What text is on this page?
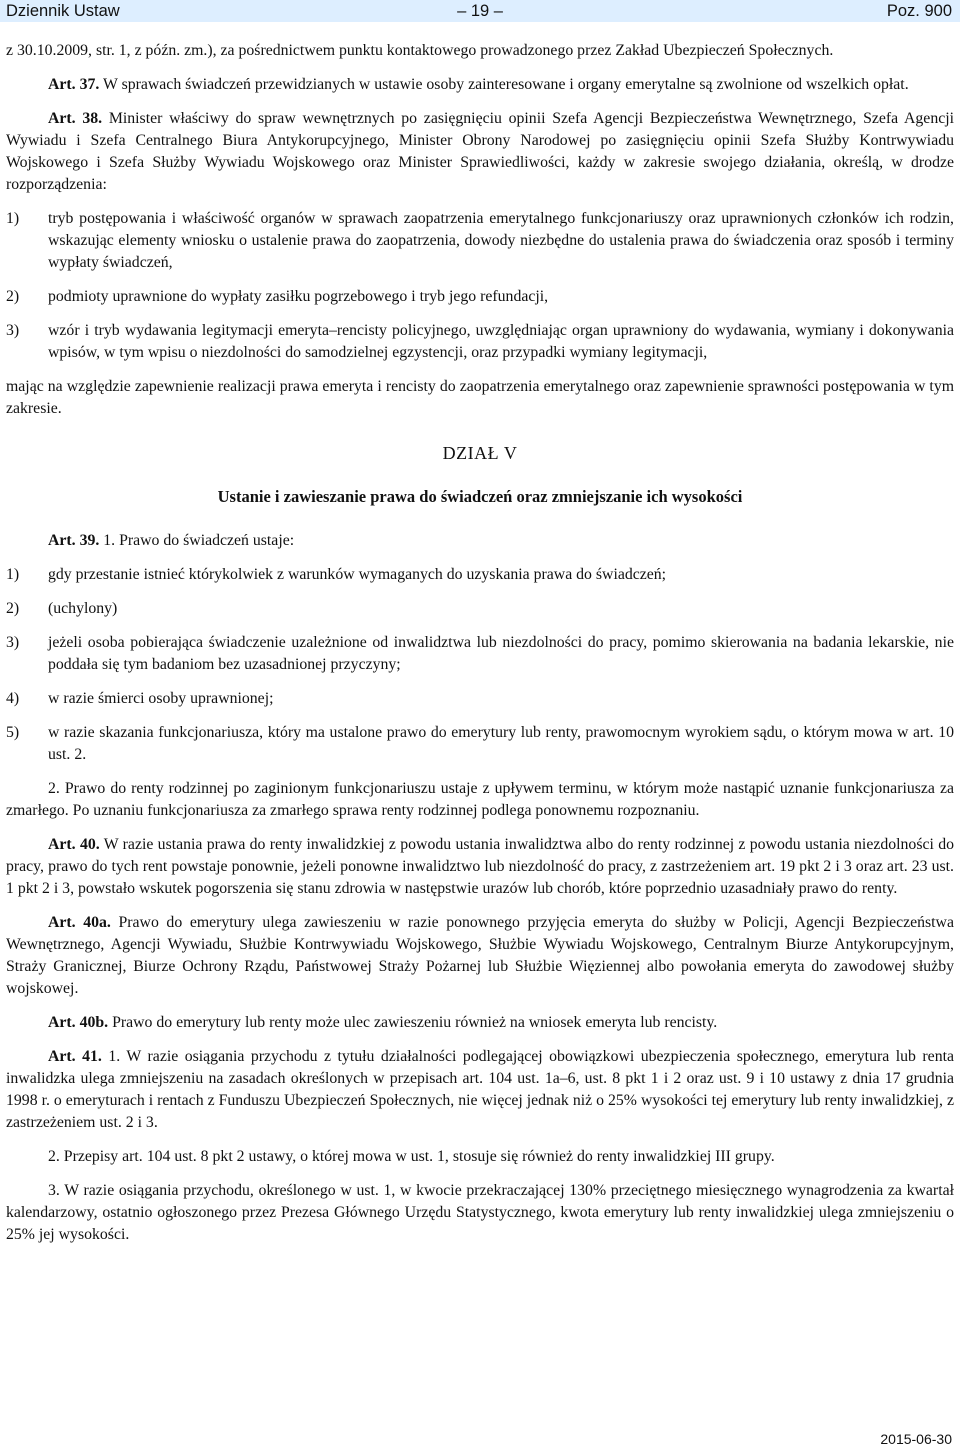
Dziennik Ustaw	– 19 –	Poz. 900

z 30.10.2009, str. 1, z późn. zm.), za pośrednictwem punktu kontaktowego prowadzonego przez Zakład Ubezpieczeń Społecznych.

Art. 37. W sprawach świadczeń przewidzianych w ustawie osoby zainteresowane i organy emerytalne są zwolnione od wszelkich opłat.

Art. 38. Minister właściwy do spraw wewnętrznych po zasięgnięciu opinii Szefa Agencji Bezpieczeństwa Wewnętrznego, Szefa Agencji Wywiadu i Szefa Centralnego Biura Antykorupcyjnego, Minister Obrony Narodowej po zasięgnięciu opinii Szefa Służby Kontrwywiadu Wojskowego i Szefa Służby Wywiadu Wojskowego oraz Minister Sprawiedliwości, każdy w zakresie swojego działania, określą, w drodze rozporządzenia:

1) tryb postępowania i właściwość organów w sprawach zaopatrzenia emerytalnego funkcjonariuszy oraz uprawnionych członków ich rodzin, wskazując elementy wniosku o ustalenie prawa do zaopatrzenia, dowody niezbędne do ustalenia prawa do świadczenia oraz sposób i terminy wypłaty świadczeń,
2) podmioty uprawnione do wypłaty zasiłku pogrzebowego i tryb jego refundacji,
3) wzór i tryb wydawania legitymacji emeryta–rencisty policyjnego, uwzględniając organ uprawniony do wydawania, wymiany i dokonywania wpisów, w tym wpisu o niezdolności do samodzielnej egzystencji, oraz przypadki wymiany legitymacji,

mając na względzie zapewnienie realizacji prawa emeryta i rencisty do zaopatrzenia emerytalnego oraz zapewnienie sprawności postępowania w tym zakresie.

DZIAŁ V
Ustanie i zawieszanie prawa do świadczeń oraz zmniejszanie ich wysokości

Art. 39. 1. Prawo do świadczeń ustaje:

1) gdy przestanie istnieć którykolwiek z warunków wymaganych do uzyskania prawa do świadczeń;
2) (uchylony)
3) jeżeli osoba pobierająca świadczenie uzależnione od inwalidztwa lub niezdolności do pracy, pomimo skierowania na badania lekarskie, nie poddała się tym badaniom bez uzasadnionej przyczyny;
4) w razie śmierci osoby uprawnionej;
5) w razie skazania funkcjonariusza, który ma ustalone prawo do emerytury lub renty, prawomocnym wyrokiem sądu, o którym mowa w art. 10 ust. 2.

2. Prawo do renty rodzinnej po zaginionym funkcjonariuszu ustaje z upływem terminu, w którym może nastąpić uznanie funkcjonariusza za zmarłego. Po uznaniu funkcjonariusza za zmarłego sprawa renty rodzinnej podlega ponownemu rozpoznaniu.

Art. 40. W razie ustania prawa do renty inwalidzkiej z powodu ustania inwalidztwa albo do renty rodzinnej z powodu ustania niezdolności do pracy, prawo do tych rent powstaje ponownie, jeżeli ponowne inwalidztwo lub niezdolność do pracy, z zastrzeżeniem art. 19 pkt 2 i 3 oraz art. 23 ust. 1 pkt 2 i 3, powstało wskutek pogorszenia się stanu zdrowia w następstwie urazów lub chorób, które poprzednio uzasadniały prawo do renty.

Art. 40a. Prawo do emerytury ulega zawieszeniu w razie ponownego przyjęcia emeryta do służby w Policji, Agencji Bezpieczeństwa Wewnętrznego, Agencji Wywiadu, Służbie Kontrwywiadu Wojskowego, Służbie Wywiadu Wojskowego, Centralnym Biurze Antykorupcyjnym, Straży Granicznej, Biurze Ochrony Rządu, Państwowej Straży Pożarnej lub Służbie Więziennej albo powołania emeryta do zawodowej służby wojskowej.

Art. 40b. Prawo do emerytury lub renty może ulec zawieszeniu również na wniosek emeryta lub rencisty.

Art. 41. 1. W razie osiągania przychodu z tytułu działalności podlegającej obowiązkowi ubezpieczenia społecznego, emerytura lub renta inwalidzka ulega zmniejszeniu na zasadach określonych w przepisach art. 104 ust. 1a–6, ust. 8 pkt 1 i 2 oraz ust. 9 i 10 ustawy z dnia 17 grudnia 1998 r. o emeryturach i rentach z Funduszu Ubezpieczeń Społecznych, nie więcej jednak niż o 25% wysokości tej emerytury lub renty inwalidzkiej, z zastrzeżeniem ust. 2 i 3.

2. Przepisy art. 104 ust. 8 pkt 2 ustawy, o której mowa w ust. 1, stosuje się również do renty inwalidzkiej III grupy.

3. W razie osiągania przychodu, określonego w ust. 1, w kwocie przekraczającej 130% przeciętnego miesięcznego wynagrodzenia za kwartał kalendarzowy, ostatnio ogłoszonego przez Prezesa Głównego Urzędu Statystycznego, kwota emerytury lub renty inwalidzkiej ulega zmniejszeniu o 25% jej wysokości.

2015-06-30
